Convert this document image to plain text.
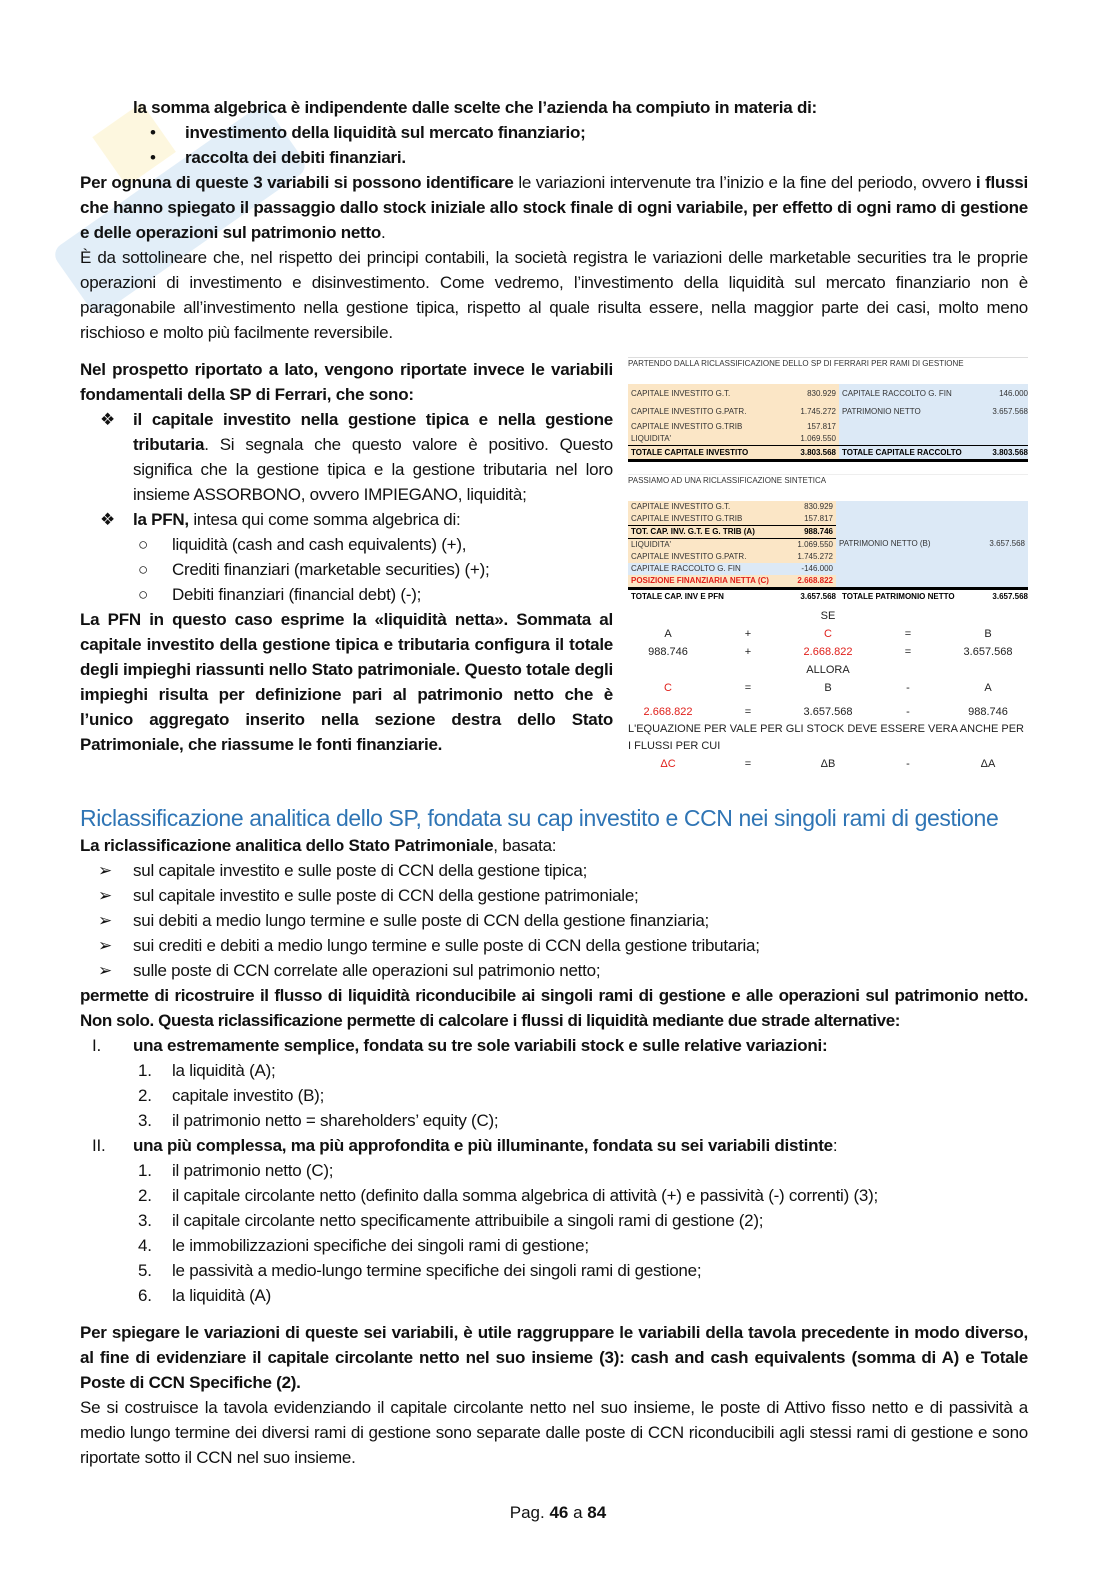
la somma algebrica è indipendente dalle scelte che l’azienda ha compiuto in materia di:
•	investimento della liquidità sul mercato finanziario;
•	raccolta dei debiti finanziari.
Per ognuna di queste 3 variabili si possono identificare le variazioni intervenute tra l’inizio e la fine del periodo, ovvero i flussi che hanno spiegato il passaggio dallo stock iniziale allo stock finale di ogni variabile, per effetto di ogni ramo di gestione e delle operazioni sul patrimonio netto.
È da sottolineare che, nel rispetto dei principi contabili, la società registra le variazioni delle marketable securities tra le proprie operazioni di investimento e disinvestimento. Come vedremo, l’investimento della liquidità sul mercato finanziario non è paragonabile all’investimento nella gestione tipica, rispetto al quale risulta essere, nella maggior parte dei casi, molto meno rischioso e molto più facilmente reversibile.
Nel prospetto riportato a lato, vengono riportate invece le variabili fondamentali della SP di Ferrari, che sono:
❖	il capitale investito nella gestione tipica e nella gestione tributaria. Si segnala che questo valore è positivo. Questo significa che la gestione tipica e la gestione tributaria nel loro insieme ASSORBONO, ovvero IMPIEGANO, liquidità;
❖	la PFN, intesa qui come somma algebrica di:
○	liquidità (cash and cash equivalents) (+),
○	Crediti finanziari (marketable securities) (+);
○	Debiti finanziari (financial debt) (-);
La PFN in questo caso esprime la «liquidità netta». Sommata al capitale investito della gestione tipica e tributaria configura il totale degli impieghi riassunti nello Stato patrimoniale. Questo totale degli impieghi risulta per definizione pari al patrimonio netto che è l’unico aggregato inserito nella sezione destra dello Stato Patrimoniale, che riassume le fonti finanziarie.
PARTENDO DALLA RICLASSIFICAZIONE DELLO SP DI FERRARI PER RAMI DI GESTIONE
CAPITALE INVESTITO G.T.	830.929 CAPITALE RACCOLTO G. FIN	146.000
CAPITALE INVESTITO G.PATR.	1.745.272 PATRIMONIO NETTO	3.657.568
CAPITALE INVESTITO G.TRIB	157.817
LIQUIDITA'	1.069.550
TOTALE CAPITALE INVESTITO	3.803.568 TOTALE CAPITALE RACCOLTO	3.803.568
PASSIAMO AD UNA RICLASSIFICAZIONE SINTETICA
CAPITALE INVESTITO G.T.	830.929
CAPITALE INVESTITO G.TRIB	157.817
TOT. CAP. INV. G.T. E G. TRIB (A)	988.746
LIQUIDITA'	1.069.550
CAPITALE INVESTITO G.PATR.	1.745.272
CAPITALE RACCOLTO G. FIN	-146.000
POSIZIONE FINANZIARIA NETTA (C)	2.668.822
PATRIMONIO NETTO (B)	3.657.568
TOTALE CAP. INV E PFN	3.657.568 TOTALE PATRIMONIO NETTO	3.657.568
SE
A	+	C	=	B
988.746	+	2.668.822	=	3.657.568
ALLORA
C	=	B	-	A
2.668.822	=	3.657.568	-	988.746
L'EQUAZIONE PER VALE PER GLI STOCK DEVE ESSERE VERA ANCHE PER I FLUSSI PER CUI
ΔC	=	ΔB	-	ΔA
Riclassificazione analitica dello SP, fondata su cap investito e CCN nei singoli rami di gestione
La riclassificazione analitica dello Stato Patrimoniale, basata:
➢	sul capitale investito e sulle poste di CCN della gestione tipica;
➢	sul capitale investito e sulle poste di CCN della gestione patrimoniale;
➢	sui debiti a medio lungo termine e sulle poste di CCN della gestione finanziaria;
➢	sui crediti e debiti a medio lungo termine e sulle poste di CCN della gestione tributaria;
➢	sulle poste di CCN correlate alle operazioni sul patrimonio netto;
permette di ricostruire il flusso di liquidità riconducibile ai singoli rami di gestione e alle operazioni sul patrimonio netto. Non solo. Questa riclassificazione permette di calcolare i flussi di liquidità mediante due strade alternative:
I.	una estremamente semplice, fondata su tre sole variabili stock e sulle relative variazioni:
1.	la liquidità (A);
2.	capitale investito (B);
3.	il patrimonio netto = shareholders’ equity (C);
II.	una più complessa, ma più approfondita e più illuminante, fondata su sei variabili distinte:
1.	il patrimonio netto (C);
2.	il capitale circolante netto (definito dalla somma algebrica di attività (+) e passività (-) correnti) (3);
3.	il capitale circolante netto specificamente attribuibile a singoli rami di gestione (2);
4.	le immobilizzazioni specifiche dei singoli rami di gestione;
5.	le passività a medio-lungo termine specifiche dei singoli rami di gestione;
6.	la liquidità (A)
Per spiegare le variazioni di queste sei variabili, è utile raggruppare le variabili della tavola precedente in modo diverso, al fine di evidenziare il capitale circolante netto nel suo insieme (3): cash and cash equivalents (somma di A) e Totale Poste di CCN Specifiche (2).
Se si costruisce la tavola evidenziando il capitale circolante netto nel suo insieme, le poste di Attivo fisso netto e di passività a medio lungo termine dei diversi rami di gestione sono separate dalle poste di CCN riconducibili agli stessi rami di gestione e sono riportate sotto il CCN nel suo insieme.
Pag. 46 a 84
